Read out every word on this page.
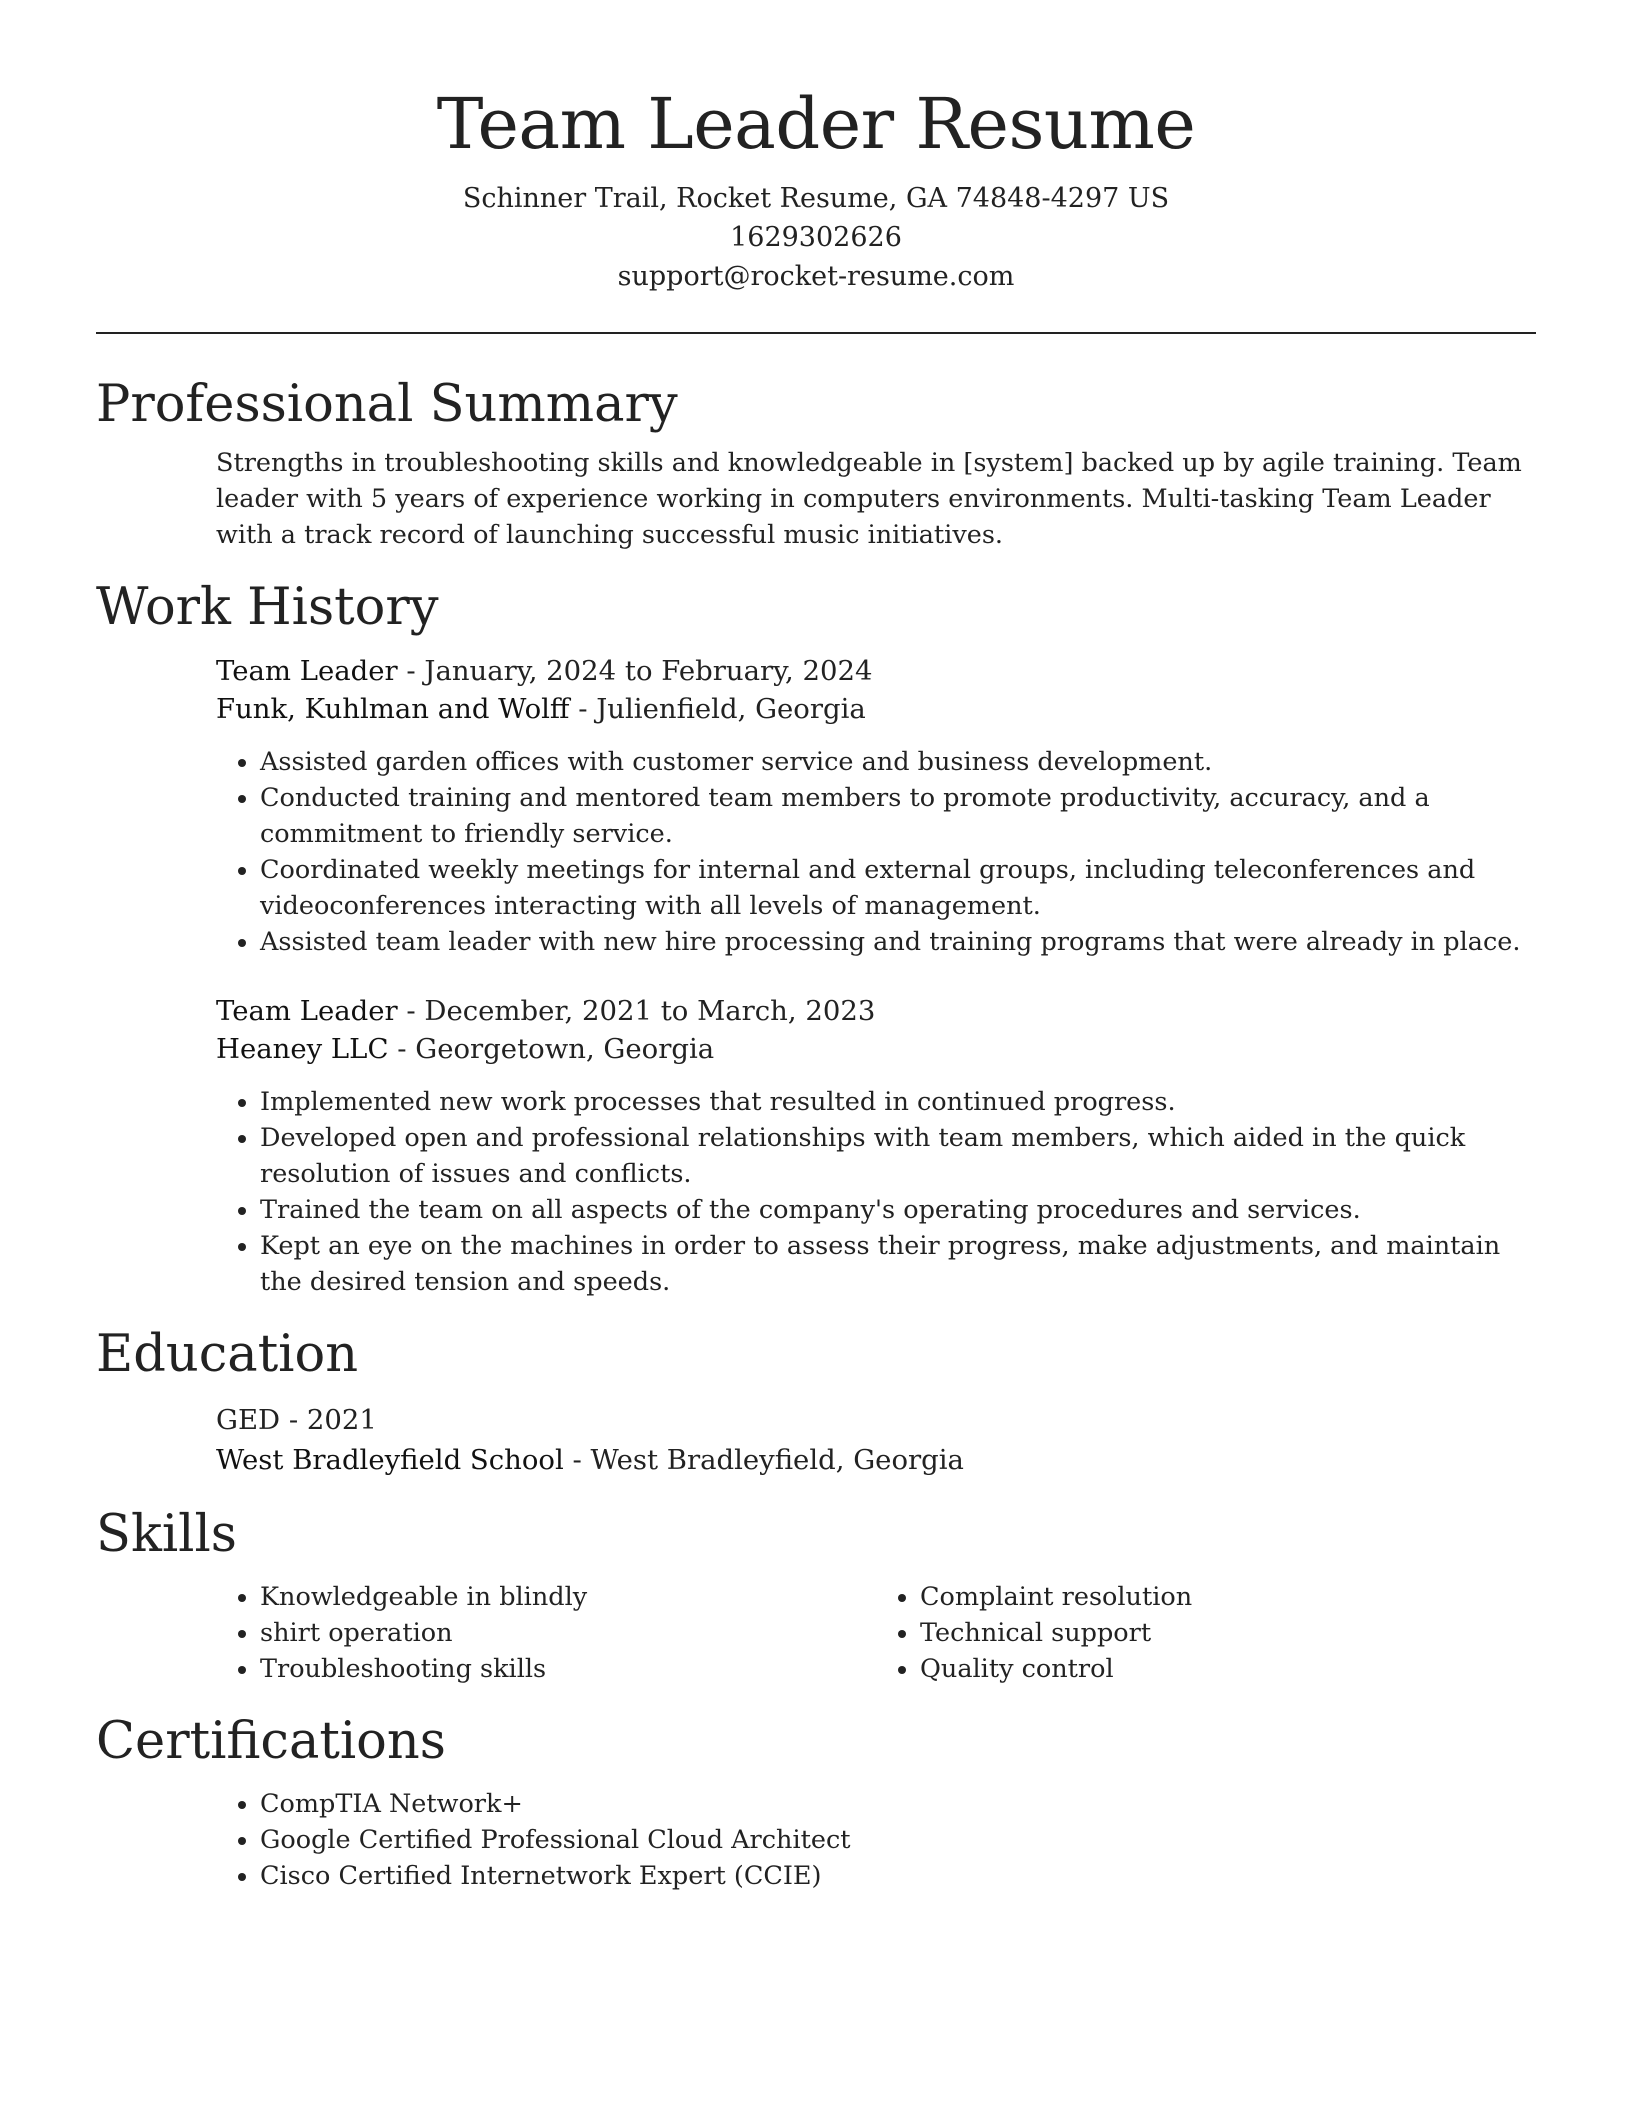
Team Leader Resume
Schinner Trail, Rocket Resume, GA 74848-4297 US
1629302626
support@rocket-resume.com
Professional Summary
Strengths in troubleshooting skills and knowledgeable in [system] backed up by agile training. Team leader with 5 years of experience working in computers environments. Multi-tasking Team Leader with a track record of launching successful music initiatives.
Work History
Team Leader - January, 2024 to February, 2024
Funk, Kuhlman and Wolff - Julienfield, Georgia
• Assisted garden offices with customer service and business development.
• Conducted training and mentored team members to promote productivity, accuracy, and a commitment to friendly service.
• Coordinated weekly meetings for internal and external groups, including teleconferences and videoconferences interacting with all levels of management.
• Assisted team leader with new hire processing and training programs that were already in place.
Team Leader - December, 2021 to March, 2023
Heaney LLC - Georgetown, Georgia
• Implemented new work processes that resulted in continued progress.
• Developed open and professional relationships with team members, which aided in the quick resolution of issues and conflicts.
• Trained the team on all aspects of the company's operating procedures and services.
• Kept an eye on the machines in order to assess their progress, make adjustments, and maintain the desired tension and speeds.
Education
GED - 2021
West Bradleyfield School - West Bradleyfield, Georgia
Skills
• Knowledgeable in blindly
• shirt operation
• Troubleshooting skills
• Complaint resolution
• Technical support
• Quality control
Certifications
• CompTIA Network+
• Google Certified Professional Cloud Architect
• Cisco Certified Internetwork Expert (CCIE)
